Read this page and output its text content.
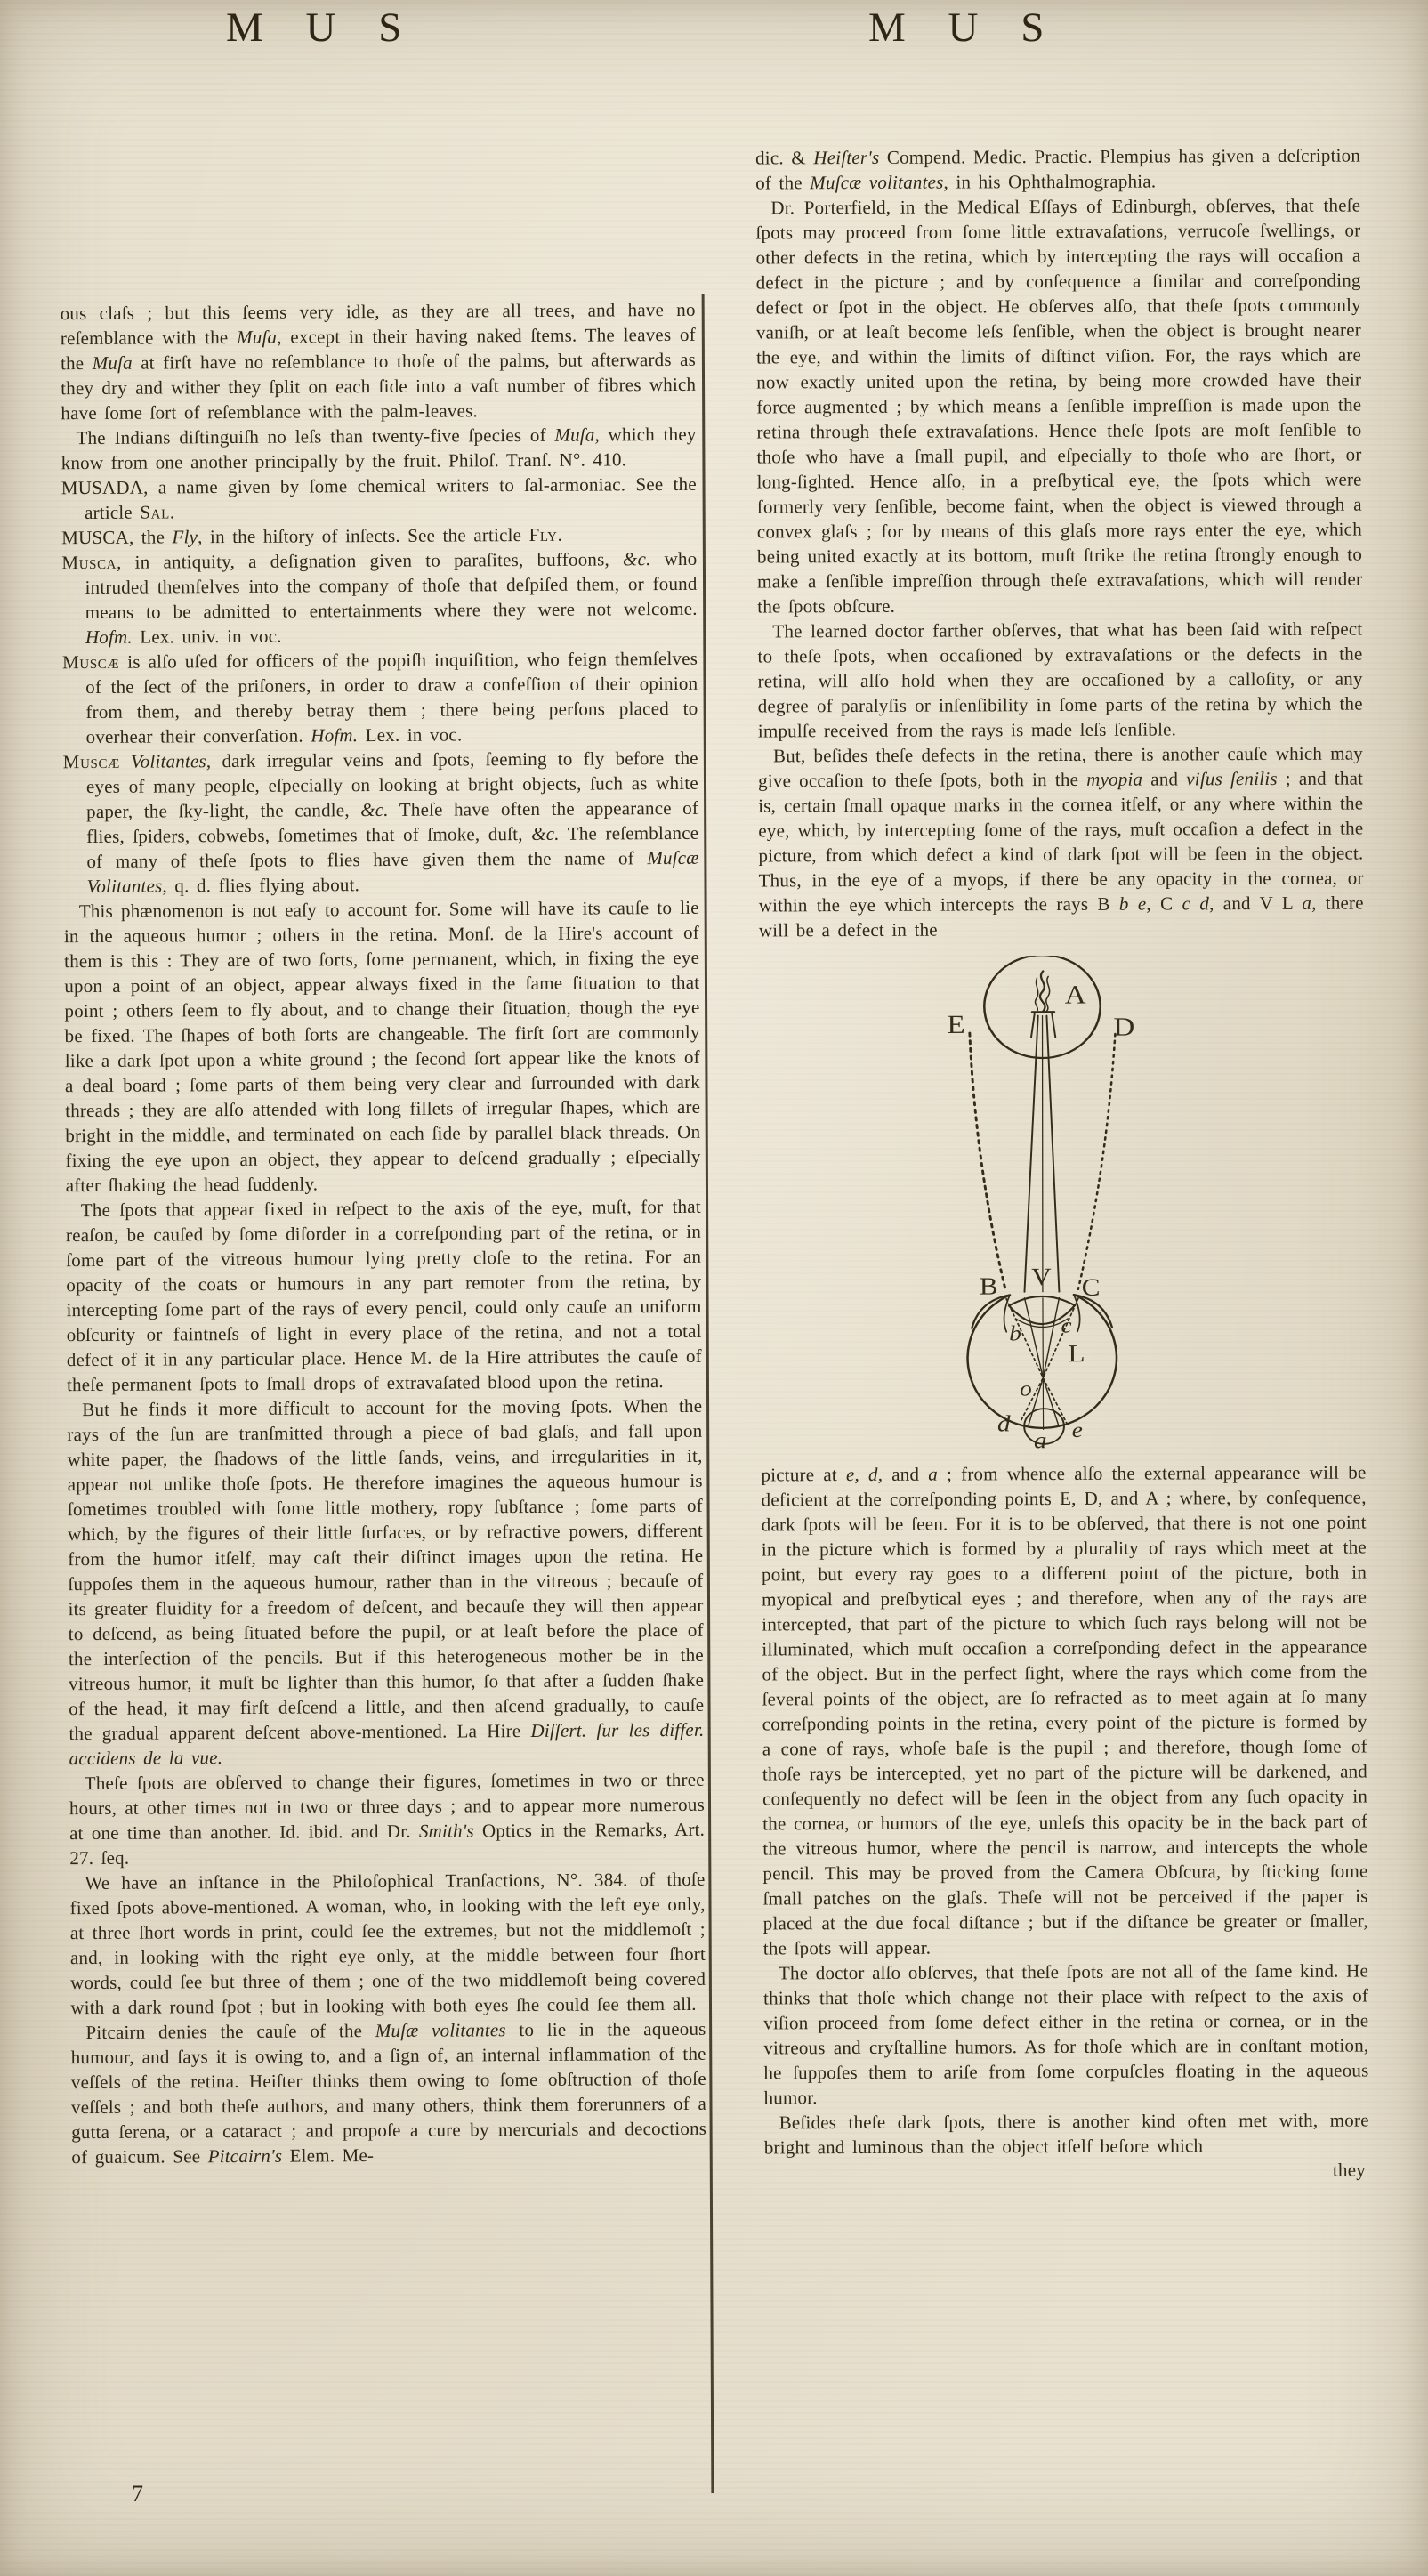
M U S	M U S

ous claſs ; but this ſeems very idle, as they are all trees, and have no reſemblance with the Muſa, except in their having naked ſtems. The leaves of the Muſa at firſt have no reſemblance to thoſe of the palms, but afterwards as they dry and wither they ſplit on each ſide into a vaſt number of fibres which have ſome ſort of reſemblance with the palm-leaves.

The Indians diſtinguiſh no leſs than twenty-five ſpecies of Muſa, which they know from one another principally by the fruit. Philoſ. Tranſ. N°. 410.

MUSADA, a name given by ſome chemical writers to ſal-armoniac. See the article Sal.

MUSCA, the Fly, in the hiſtory of inſects. See the article Fly.

Musca, in antiquity, a deſignation given to paraſites, buffoons, &c. who intruded themſelves into the company of thoſe that deſpiſed them, or found means to be admitted to entertainments where they were not welcome. Hofm. Lex. univ. in voc.

Muscæ is alſo uſed for officers of the popiſh inquiſition, who feign themſelves of the ſect of the priſoners, in order to draw a confeſſion of their opinion from them, and thereby betray them ; there being perſons placed to overhear their converſation. Hofm. Lex. in voc.

Muscæ Volitantes, dark irregular veins and ſpots, ſeeming to fly before the eyes of many people, eſpecially on looking at bright objects, ſuch as white paper, the ſky-light, the candle, &c. Theſe have often the appearance of flies, ſpiders, cobwebs, ſometimes that of ſmoke, duſt, &c. The reſemblance of many of theſe ſpots to flies have given them the name of Muſcæ Volitantes, q. d. flies flying about.

This phænomenon is not eaſy to account for. Some will have its cauſe to lie in the aqueous humor ; others in the retina. Monſ. de la Hire's account of them is this : They are of two ſorts, ſome permanent, which, in fixing the eye upon a point of an object, appear always fixed in the ſame ſituation to that point ; others ſeem to fly about, and to change their ſituation, though the eye be fixed. The ſhapes of both ſorts are changeable. The firſt ſort are commonly like a dark ſpot upon a white ground ; the ſecond ſort appear like the knots of a deal board ; ſome parts of them being very clear and ſurrounded with dark threads ; they are alſo attended with long fillets of irregular ſhapes, which are bright in the middle, and terminated on each ſide by parallel black threads. On fixing the eye upon an object, they appear to deſcend gradually ; eſpecially after ſhaking the head ſuddenly.

The ſpots that appear fixed in reſpect to the axis of the eye, muſt, for that reaſon, be cauſed by ſome diſorder in a correſponding part of the retina, or in ſome part of the vitreous humour lying pretty cloſe to the retina. For an opacity of the coats or humours in any part remoter from the retina, by intercepting ſome part of the rays of every pencil, could only cauſe an uniform obſcurity or faintneſs of light in every place of the retina, and not a total defect of it in any particular place. Hence M. de la Hire attributes the cauſe of theſe permanent ſpots to ſmall drops of extravaſated blood upon the retina.

But he finds it more difficult to account for the moving ſpots. When the rays of the ſun are tranſmitted through a piece of bad glaſs, and fall upon white paper, the ſhadows of the little ſands, veins, and irregularities in it, appear not unlike thoſe ſpots. He therefore imagines the aqueous humour is ſometimes troubled with ſome little mothery, ropy ſubſtance ; ſome parts of which, by the figures of their little ſurfaces, or by refractive powers, different from the humor itſelf, may caſt their diſtinct images upon the retina. He ſuppoſes them in the aqueous humour, rather than in the vitreous ; becauſe of its greater fluidity for a freedom of deſcent, and becauſe they will then appear to deſcend, as being ſituated before the pupil, or at leaſt before the place of the interſection of the pencils. But if this heterogeneous mother be in the vitreous humor, it muſt be lighter than this humor, ſo that after a ſudden ſhake of the head, it may firſt deſcend a little, and then aſcend gradually, to cauſe the gradual apparent deſcent above-mentioned. La Hire Diſſert. ſur les differ. accidens de la vue.

Theſe ſpots are obſerved to change their figures, ſometimes in two or three hours, at other times not in two or three days ; and to appear more numerous at one time than another. Id. ibid. and Dr. Smith's Optics in the Remarks, Art. 27. ſeq.

We have an inſtance in the Philoſophical Tranſactions, N°. 384. of thoſe fixed ſpots above-mentioned. A woman, who, in looking with the left eye only, at three ſhort words in print, could ſee the extremes, but not the middlemoſt ; and, in looking with the right eye only, at the middle between four ſhort words, could ſee but three of them ; one of the two middlemoſt being covered with a dark round ſpot ; but in looking with both eyes ſhe could ſee them all.

Pitcairn denies the cauſe of the Muſæ volitantes to lie in the aqueous humour, and ſays it is owing to, and a ſign of, an internal inflammation of the veſſels of the retina. Heiſter thinks them owing to ſome obſtruction of thoſe veſſels ; and both theſe authors, and many others, think them forerunners of a gutta ſerena, or a cataract ; and propoſe a cure by mercurials and decoctions of guaicum. See Pitcairn's Elem. Me-

dic. & Heiſter's Compend. Medic. Practic. Plempius has given a deſcription of the Muſcæ volitantes, in his Ophthalmographia.

Dr. Porterfield, in the Medical Eſſays of Edinburgh, obſerves, that theſe ſpots may proceed from ſome little extravaſations, verrucoſe ſwellings, or other defects in the retina, which by intercepting the rays will occaſion a defect in the picture ; and by conſequence a ſimilar and correſponding defect or ſpot in the object. He obſerves alſo, that theſe ſpots commonly vaniſh, or at leaſt become leſs ſenſible, when the object is brought nearer the eye, and within the limits of diſtinct viſion. For, the rays which are now exactly united upon the retina, by being more crowded have their force augmented ; by which means a ſenſible impreſſion is made upon the retina through theſe extravaſations. Hence theſe ſpots are moſt ſenſible to thoſe who have a ſmall pupil, and eſpecially to thoſe who are ſhort, or long-ſighted. Hence alſo, in a preſbytical eye, the ſpots which were formerly very ſenſible, become faint, when the object is viewed through a convex glaſs ; for by means of this glaſs more rays enter the eye, which being united exactly at its bottom, muſt ſtrike the retina ſtrongly enough to make a ſenſible impreſſion through theſe extravaſations, which will render the ſpots obſcure.

The learned doctor farther obſerves, that what has been ſaid with reſpect to theſe ſpots, when occaſioned by extravaſations or the defects in the retina, will alſo hold when they are occaſioned by a calloſity, or any degree of paralyſis or inſenſibility in ſome parts of the retina by which the impulſe received from the rays is made leſs ſenſible.

But, beſides theſe defects in the retina, there is another cauſe which may give occaſion to theſe ſpots, both in the myopia and viſus ſenilis ; and that is, certain ſmall opaque marks in the cornea itſelf, or any where within the eye, which, by intercepting ſome of the rays, muſt occaſion a defect in the picture, from which defect a kind of dark ſpot will be ſeen in the object. Thus, in the eye of a myops, if there be any opacity in the cornea, or within the eye which intercepts the rays B b e, C c d, and V L a, there will be a defect in the

A
E	D
B V C
b c
L
o
d
a e

picture at e, d, and a ; from whence alſo the external appearance will be deficient at the correſponding points E, D, and A ; where, by conſequence, dark ſpots will be ſeen. For it is to be obſerved, that there is not one point in the picture which is formed by a plurality of rays which meet at the point, but every ray goes to a different point of the picture, both in myopical and preſbytical eyes ; and therefore, when any of the rays are intercepted, that part of the picture to which ſuch rays belong will not be illuminated, which muſt occaſion a correſponding defect in the appearance of the object. But in the perfect ſight, where the rays which come from the ſeveral points of the object, are ſo refracted as to meet again at ſo many correſponding points in the retina, every point of the picture is formed by a cone of rays, whoſe baſe is the pupil ; and therefore, though ſome of thoſe rays be intercepted, yet no part of the picture will be darkened, and conſequently no defect will be ſeen in the object from any ſuch opacity in the cornea, or humors of the eye, unleſs this opacity be in the back part of the vitreous humor, where the pencil is narrow, and intercepts the whole pencil. This may be proved from the Camera Obſcura, by ſticking ſome ſmall patches on the glaſs. Theſe will not be perceived if the paper is placed at the due focal diſtance ; but if the diſtance be greater or ſmaller, the ſpots will appear.

The doctor alſo obſerves, that theſe ſpots are not all of the ſame kind. He thinks that thoſe which change not their place with reſpect to the axis of viſion proceed from ſome defect either in the retina or cornea, or in the vitreous and cryſtalline humors. As for thoſe which are in conſtant motion, he ſuppoſes them to ariſe from ſome corpuſcles floating in the aqueous humor.

Beſides theſe dark ſpots, there is another kind often met with, more bright and luminous than the object itſelf before which

they

7
